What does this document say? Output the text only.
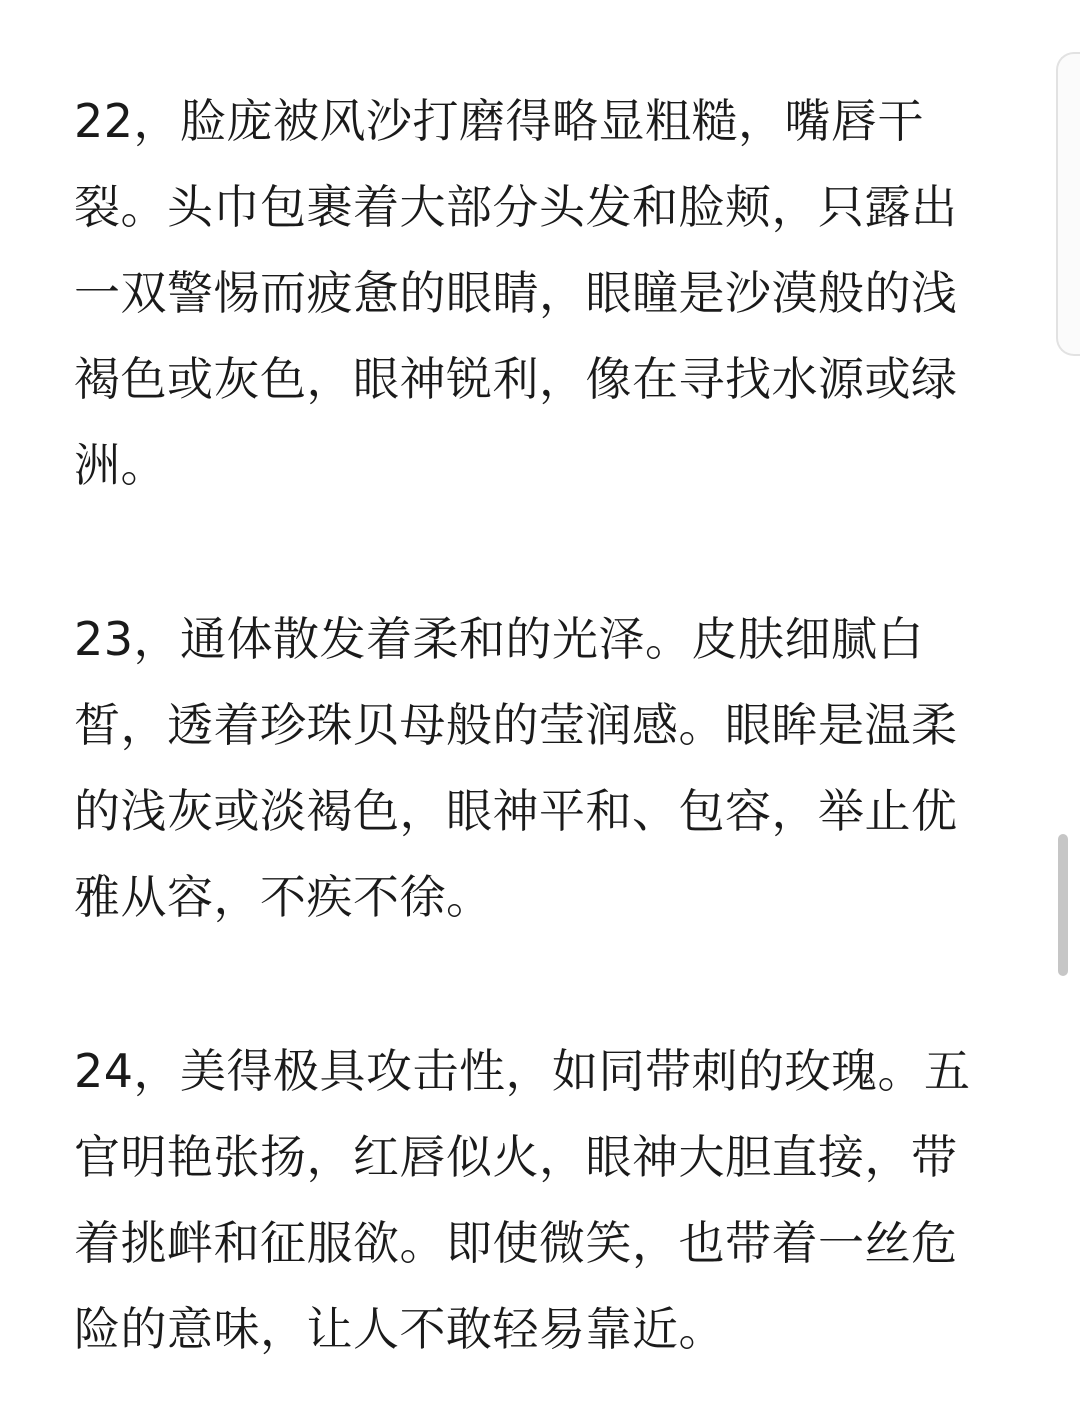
22，脸庞被风沙打磨得略显粗糙，嘴唇干裂。头巾包裹着大部分头发和脸颊，只露出一双警惕而疲惫的眼睛，眼瞳是沙漠般的浅褐色或灰色，眼神锐利，像在寻找水源或绿洲。

23，通体散发着柔和的光泽。皮肤细腻白皙，透着珍珠贝母般的莹润感。眼眸是温柔的浅灰或淡褐色，眼神平和、包容，举止优雅从容，不疾不徐。

24，美得极具攻击性，如同带刺的玫瑰。五官明艳张扬，红唇似火，眼神大胆直接，带着挑衅和征服欲。即使微笑，也带着一丝危险的意味，让人不敢轻易靠近。
